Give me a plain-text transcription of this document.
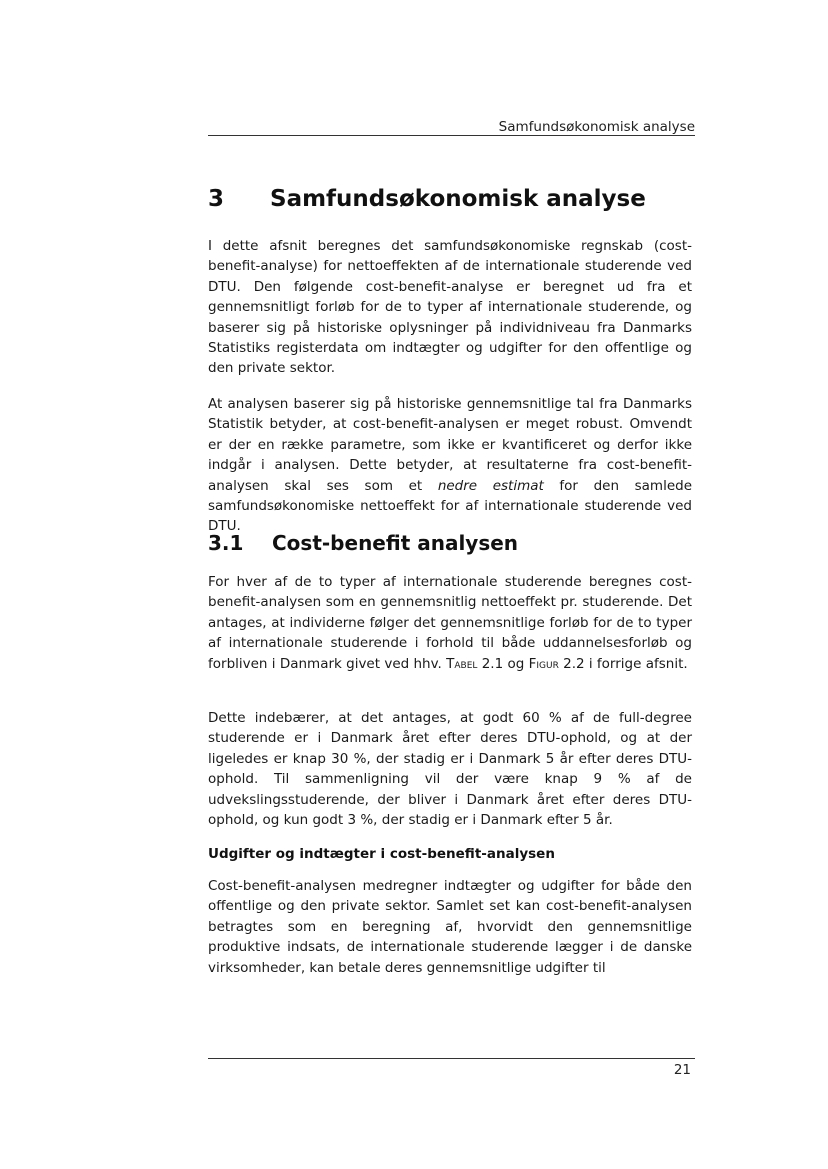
Samfundsøkonomisk analyse
3 Samfundsøkonomisk analyse

I dette afsnit beregnes det samfundsøkonomiske regnskab (cost-benefit-analyse) for nettoeffekten af de internationale studerende ved DTU. Den følgende cost-benefit-analyse er beregnet ud fra et gennemsnitligt forløb for de to typer af internationale studerende, og baserer sig på historiske oplysninger på individniveau fra Danmarks Statistiks registerdata om indtægter og udgifter for den offentlige og den private sektor.

At analysen baserer sig på historiske gennemsnitlige tal fra Danmarks Statistik betyder, at cost-benefit-analysen er meget robust. Omvendt er der en række parametre, som ikke er kvantificeret og derfor ikke indgår i analysen. Dette betyder, at resultaterne fra cost-benefit-analysen skal ses som et nedre estimat for den samlede samfundsøkonomiske nettoeffekt for af internationale studerende ved DTU.

3.1 Cost-benefit analysen

For hver af de to typer af internationale studerende beregnes cost-benefit-analysen som en gennemsnitlig nettoeffekt pr. studerende. Det antages, at individerne følger det gennemsnitlige forløb for de to typer af internationale studerende i forhold til både uddannelsesforløb og forbliven i Danmark givet ved hhv. Tabel 2.1 og Figur 2.2 i forrige afsnit.

Dette indebærer, at det antages, at godt 60 % af de full-degree studerende er i Danmark året efter deres DTU-ophold, og at der ligeledes er knap 30 %, der stadig er i Danmark 5 år efter deres DTU-ophold. Til sammenligning vil der være knap 9 % af de udvekslingsstuderende, der bliver i Danmark året efter deres DTU-ophold, og kun godt 3 %, der stadig er i Danmark efter 5 år.

Udgifter og indtægter i cost-benefit-analysen

Cost-benefit-analysen medregner indtægter og udgifter for både den offentlige og den private sektor. Samlet set kan cost-benefit-analysen betragtes som en beregning af, hvorvidt den gennemsnitlige produktive indsats, de internationale studerende lægger i de danske virksomheder, kan betale deres gennemsnitlige udgifter til

21
